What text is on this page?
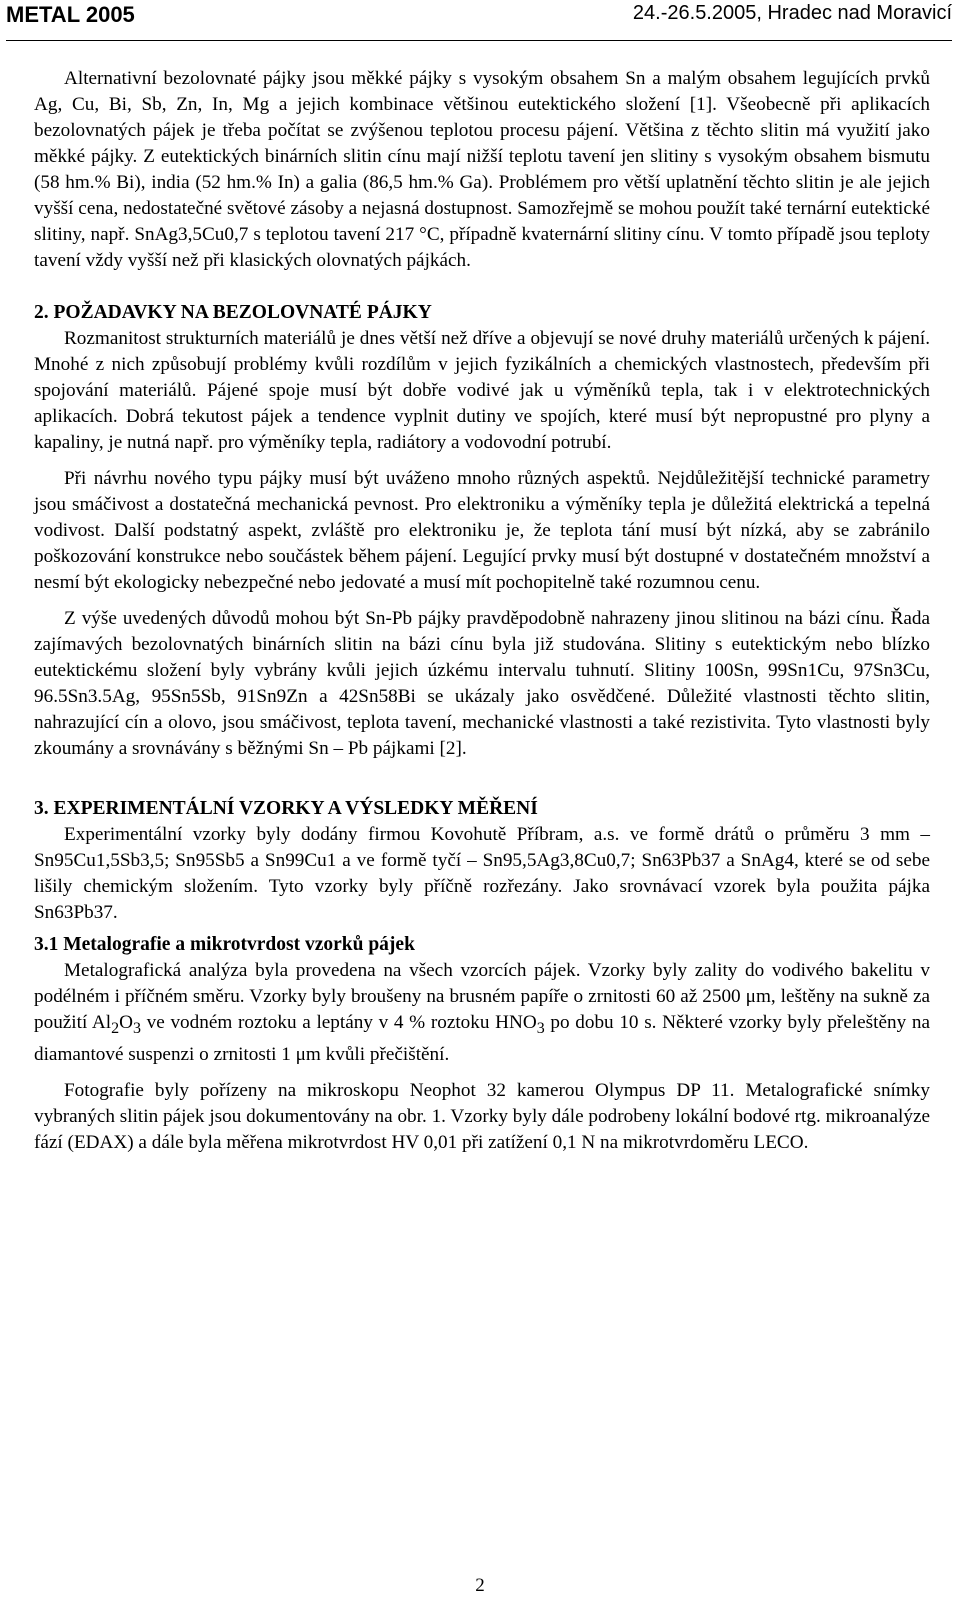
METAL 2005	24.-26.5.2005, Hradec nad Moravicí

Alternativní bezolovnaté pájky jsou měkké pájky s vysokým obsahem Sn a malým obsahem legujících prvků Ag, Cu, Bi, Sb, Zn, In, Mg a jejich kombinace většinou eutektického složení [1]. Všeobecně při aplikacích bezolovnatých pájek je třeba počítat se zvýšenou teplotou procesu pájení. Většina z těchto slitin má využití jako měkké pájky. Z eutektických binárních slitin cínu mají nižší teplotu tavení jen slitiny s vysokým obsahem bismutu (58 hm.% Bi), india (52 hm.% In) a galia (86,5 hm.% Ga). Problémem pro větší uplatnění těchto slitin je ale jejich vyšší cena, nedostatečné světové zásoby a nejasná dostupnost. Samozřejmě se mohou použít také ternární eutektické slitiny, např. SnAg3,5Cu0,7 s teplotou tavení 217 °C, případně kvaternární slitiny cínu. V tomto případě jsou teploty tavení vždy vyšší než při klasických olovnatých pájkách.

2. POŽADAVKY NA BEZOLOVNATÉ PÁJKY

Rozmanitost strukturních materiálů je dnes větší než dříve a objevují se nové druhy materiálů určených k pájení. Mnohé z nich způsobují problémy kvůli rozdílům v jejich fyzikálních a chemických vlastnostech, především při spojování materiálů. Pájené spoje musí být dobře vodivé jak u výměníků tepla, tak i v elektrotechnických aplikacích. Dobrá tekutost pájek a tendence vyplnit dutiny ve spojích, které musí být nepropustné pro plyny a kapaliny, je nutná např. pro výměníky tepla, radiátory a vodovodní potrubí.

Při návrhu nového typu pájky musí být uváženo mnoho různých aspektů. Nejdůležitější technické parametry jsou smáčivost a dostatečná mechanická pevnost. Pro elektroniku a výměníky tepla je důležitá elektrická a tepelná vodivost. Další podstatný aspekt, zvláště pro elektroniku je, že teplota tání musí být nízká, aby se zabránilo poškozování konstrukce nebo součástek během pájení. Legující prvky musí být dostupné v dostatečném množství a nesmí být ekologicky nebezpečné nebo jedovaté a musí mít pochopitelně také rozumnou cenu.

Z výše uvedených důvodů mohou být Sn-Pb pájky pravděpodobně nahrazeny jinou slitinou na bázi cínu. Řada zajímavých bezolovnatých binárních slitin na bázi cínu byla již studována. Slitiny s eutektickým nebo blízko eutektickému složení byly vybrány kvůli jejich úzkému intervalu tuhnutí. Slitiny 100Sn, 99Sn1Cu, 97Sn3Cu, 96.5Sn3.5Ag, 95Sn5Sb, 91Sn9Zn a 42Sn58Bi se ukázaly jako osvědčené. Důležité vlastnosti těchto slitin, nahrazující cín a olovo, jsou smáčivost, teplota tavení, mechanické vlastnosti a také rezistivita. Tyto vlastnosti byly zkoumány a srovnávány s běžnými Sn – Pb pájkami [2].

3. EXPERIMENTÁLNÍ VZORKY A VÝSLEDKY MĚŘENÍ

Experimentální vzorky byly dodány firmou Kovohutě Příbram, a.s. ve formě drátů o průměru 3 mm – Sn95Cu1,5Sb3,5; Sn95Sb5 a Sn99Cu1 a ve formě tyčí – Sn95,5Ag3,8Cu0,7; Sn63Pb37 a SnAg4, které se od sebe lišily chemickým složením. Tyto vzorky byly příčně rozřezány. Jako srovnávací vzorek byla použita pájka Sn63Pb37.

3.1 Metalografie a mikrotvrdost vzorků pájek

Metalografická analýza byla provedena na všech vzorcích pájek. Vzorky byly zality do vodivého bakelitu v podélném i příčném směru. Vzorky byly broušeny na brusném papíře o zrnitosti 60 až 2500 μm, leštěny na sukně za použití $Al_2O_3$ ve vodném roztoku a leptány v 4 % roztoku $HNO_3$ po dobu 10 s. Některé vzorky byly přeleštěny na diamantové suspenzi o zrnitosti 1 μm kvůli přečištění.

Fotografie byly pořízeny na mikroskopu Neophot 32 kamerou Olympus DP 11. Metalografické snímky vybraných slitin pájek jsou dokumentovány na obr. 1. Vzorky byly dále podrobeny lokální bodové rtg. mikroanalýze fází (EDAX) a dále byla měřena mikrotvrdost HV 0,01 při zatížení 0,1 N na mikrotvrdoměru LECO.

2
